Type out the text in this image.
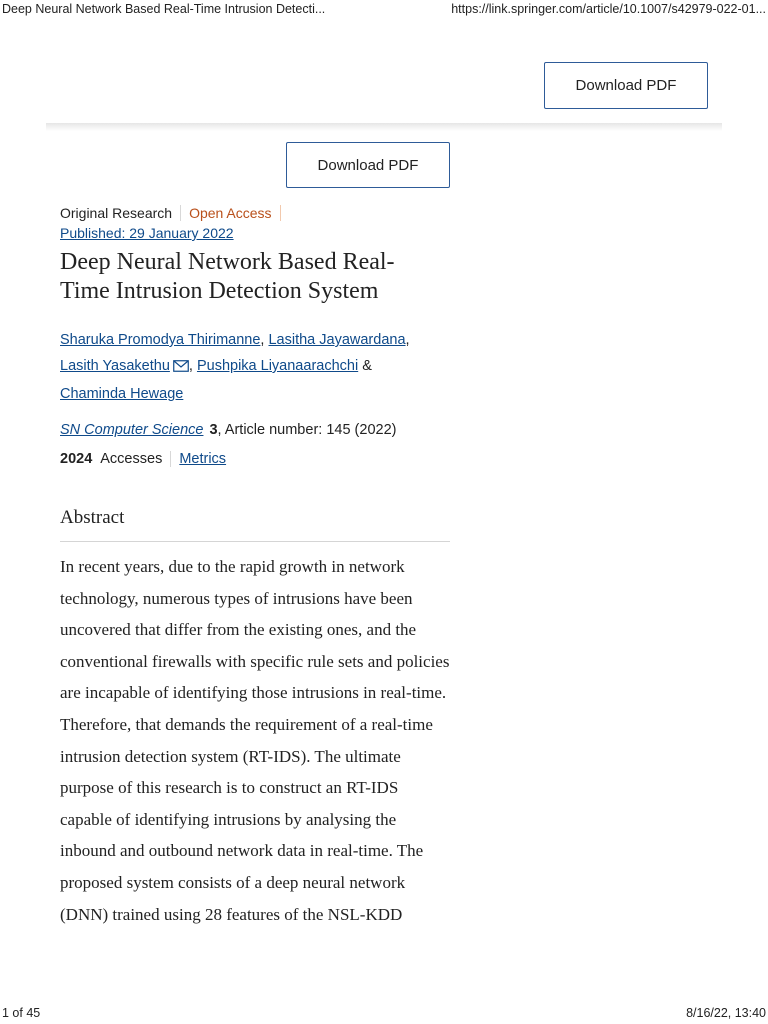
Deep Neural Network Based Real-Time Intrusion Detecti...	https://link.springer.com/article/10.1007/s42979-022-01...
Download PDF
Download PDF
Original Research	Open Access
Published: 29 January 2022
Deep Neural Network Based Real-Time Intrusion Detection System
Sharuka Promodya Thirimanne, Lasitha Jayawardana,
Lasith Yasakethu , Pushpika Liyanaarachchi &
Chaminda Hewage
SN Computer Science 3, Article number: 145 (2022)
2024 Accesses	Metrics
Abstract

In recent years, due to the rapid growth in network technology, numerous types of intrusions have been uncovered that differ from the existing ones, and the conventional firewalls with specific rule sets and policies are incapable of identifying those intrusions in real-time. Therefore, that demands the requirement of a real-time intrusion detection system (RT-IDS). The ultimate purpose of this research is to construct an RT-IDS capable of identifying intrusions by analysing the inbound and outbound network data in real-time. The proposed system consists of a deep neural network (DNN) trained using 28 features of the NSL-KDD

1 of 45	8/16/22, 13:40
